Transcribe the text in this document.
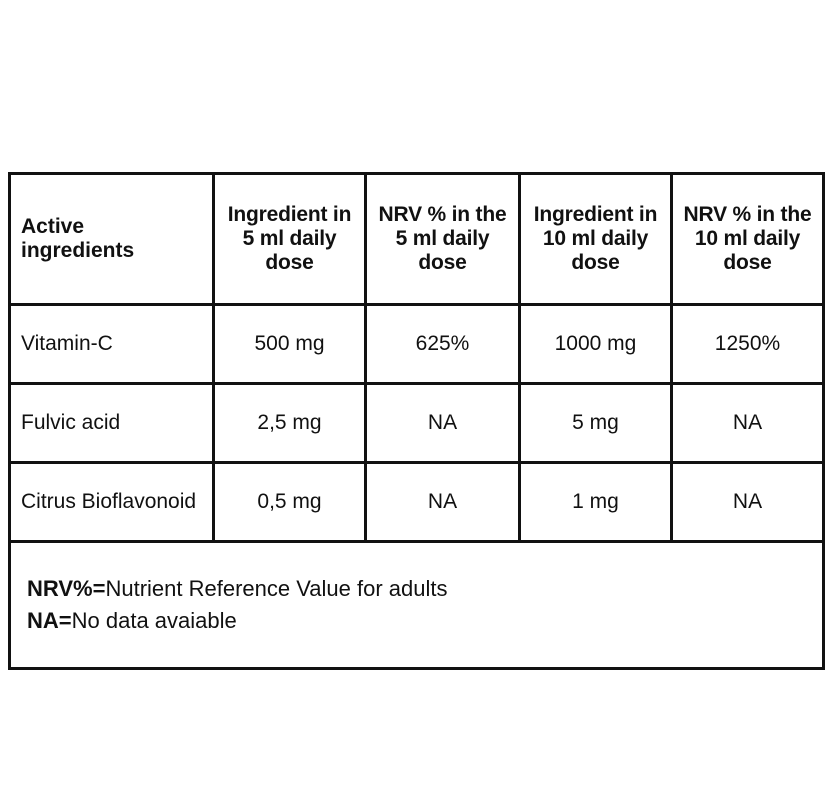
Active ingredients	Ingredient in 5 ml daily dose	NRV % in the 5 ml daily dose	Ingredient in 10 ml daily dose	NRV % in the 10 ml daily dose
Vitamin-C	500 mg	625%	1000 mg	1250%
Fulvic acid	2,5 mg	NA	5 mg	NA
Citrus Bioflavonoid	0,5 mg	NA	1 mg	NA

NRV%=Nutrient Reference Value for adults
NA=No data avaiable				
